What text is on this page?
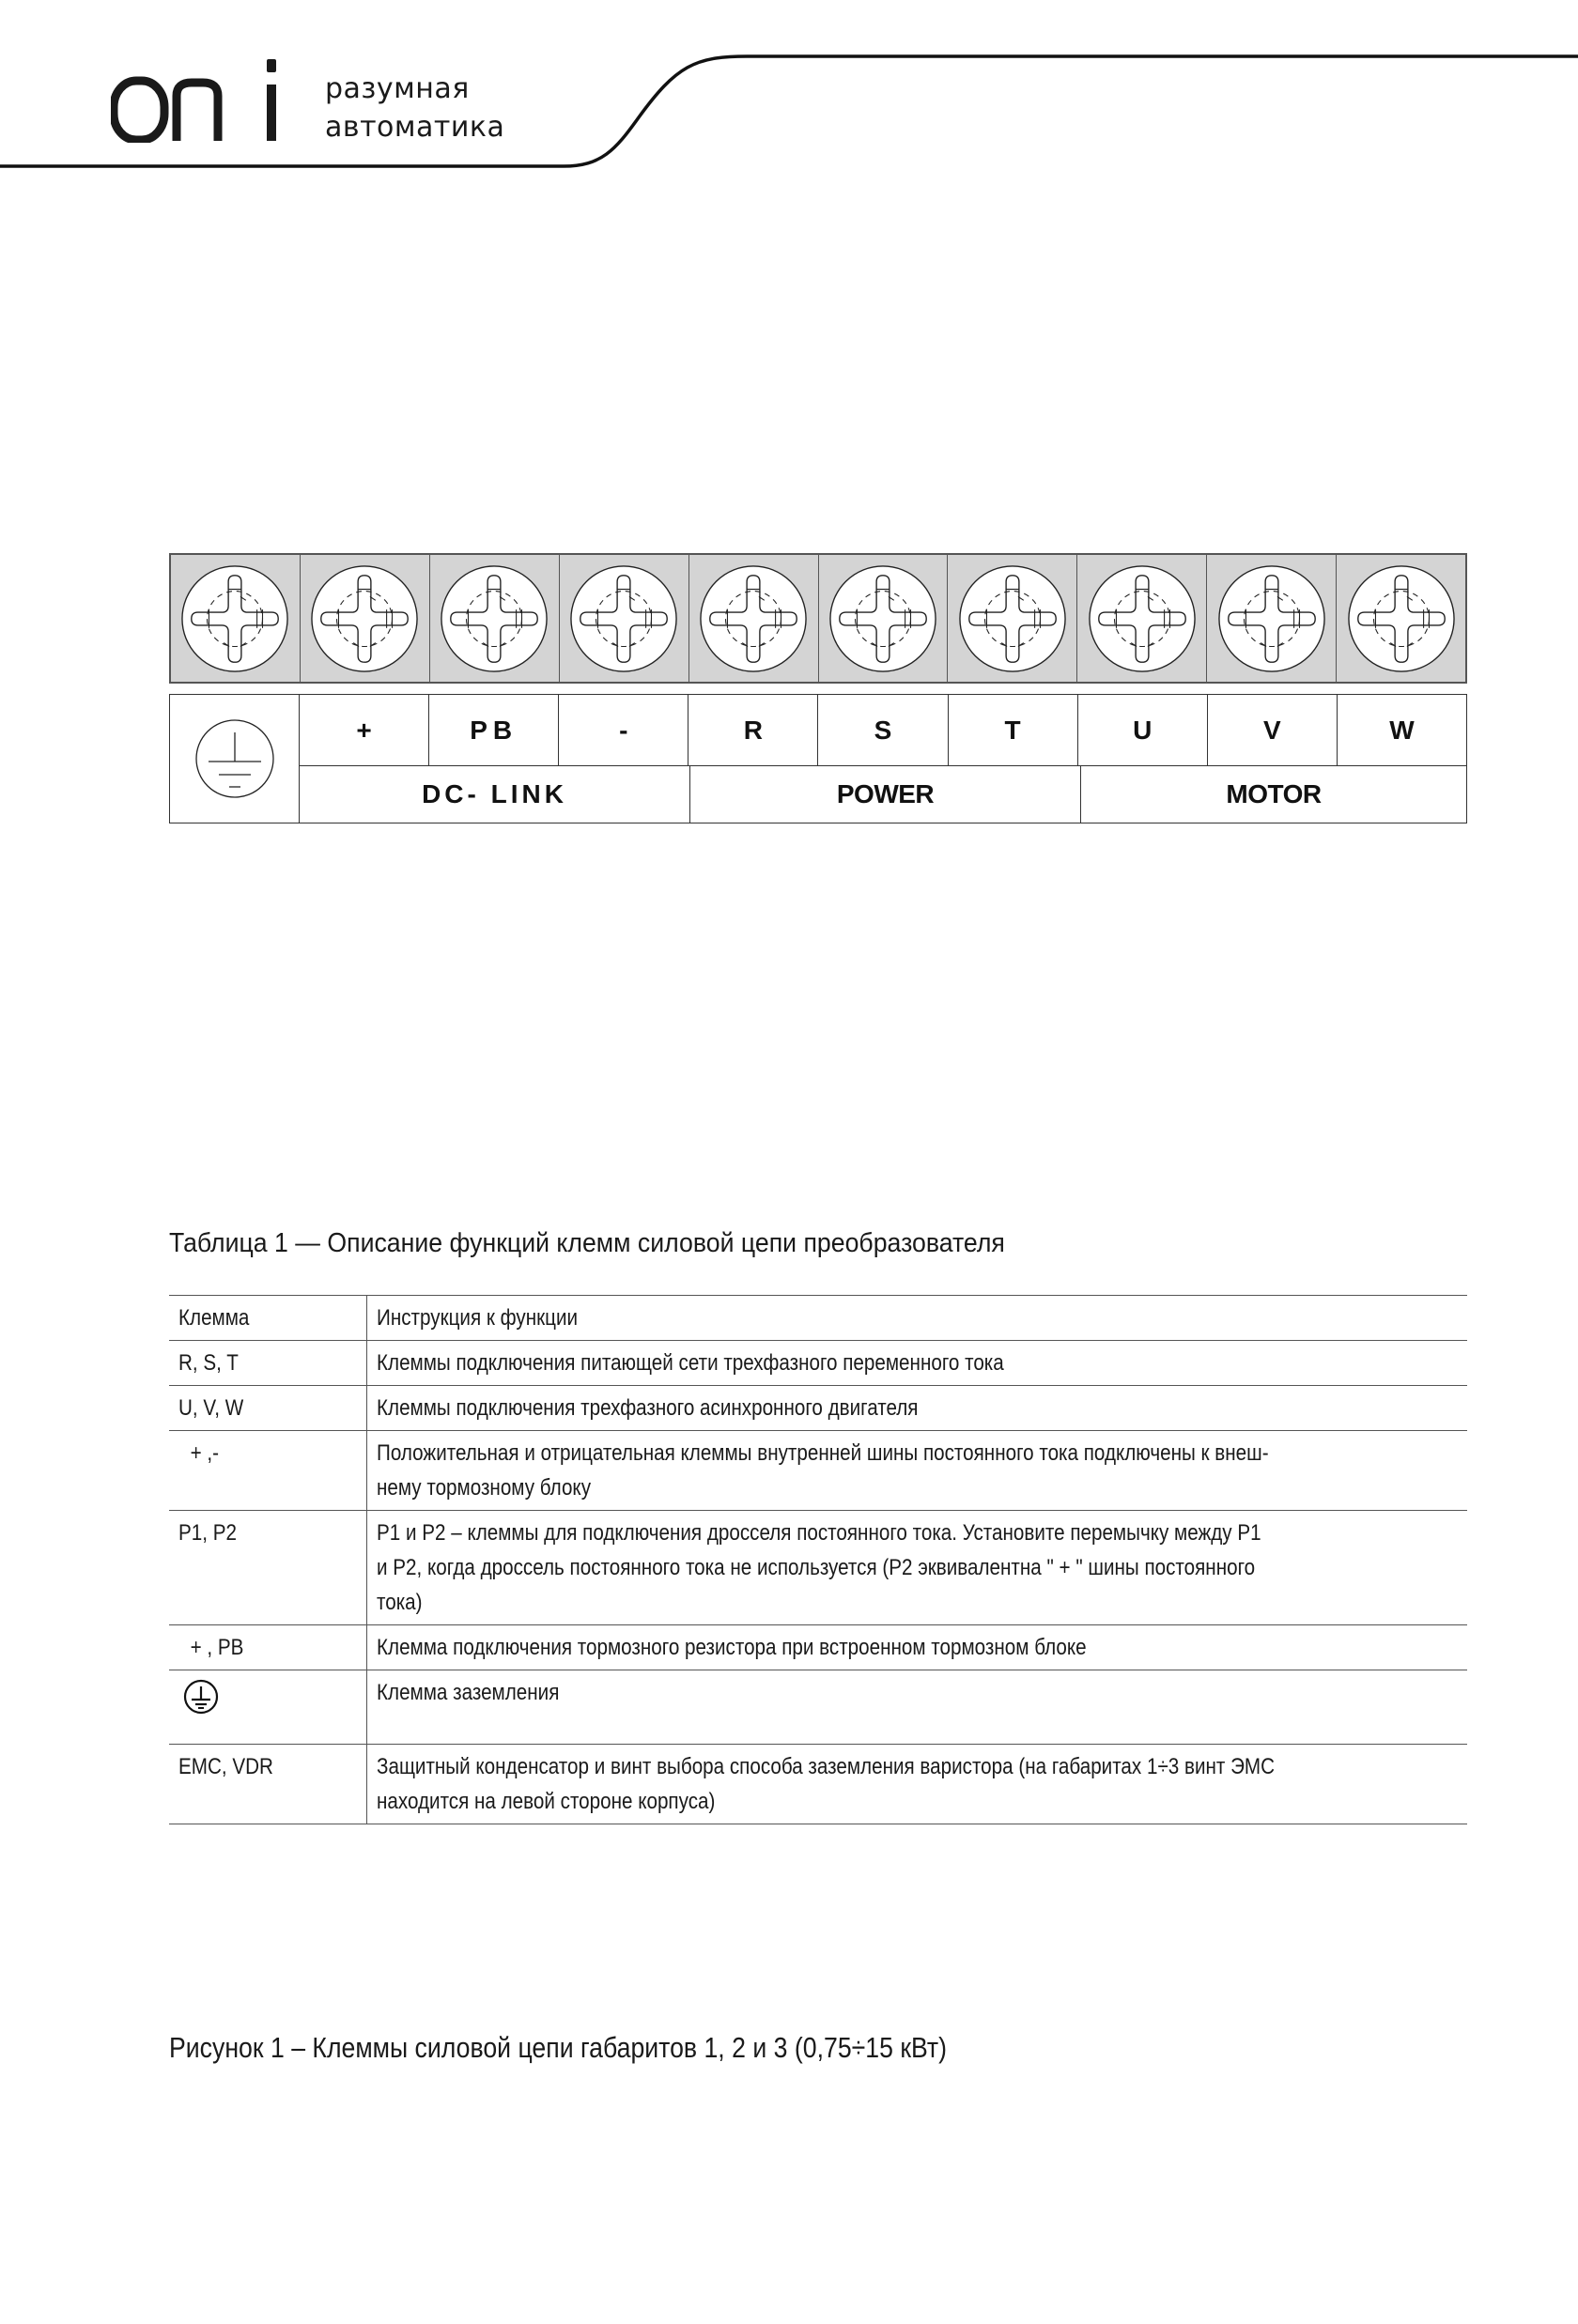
разумная
автоматика
+	PB	-	R	S	T	U	V	W
DC- LINK	POWER	MOTOR
Таблица 1 — Описание функций клемм силовой цепи преобразователя
Клемма	Инструкция к функции
R, S, T	Клеммы подключения питающей сети трехфазного переменного тока

U, V, W	Клеммы подключения трехфазного асинхронного двигателя

+ ,-	Положительная и отрицательная клеммы внутренней шины постоянного тока подключены к внеш-
нему тормозному блоку

P1, P2	P1 и P2 – клеммы для подключения дросселя постоянного тока. Установите перемычку между P1
и P2, когда дроссель постоянного тока не используется (P2 эквивалентна " + " шины постоянного
тока)

+ , PB	Клемма подключения тормозного резистора при встроенном тормозном блоке

Клемма заземления

EMC, VDR	Защитный конденсатор и винт выбора способа заземления варистора (на габаритах 1÷3 винт ЭМС
находится на левой стороне корпуса)
Рисунок 1 – Клеммы силовой цепи габаритов 1, 2 и 3 (0,75÷15 кВт)
